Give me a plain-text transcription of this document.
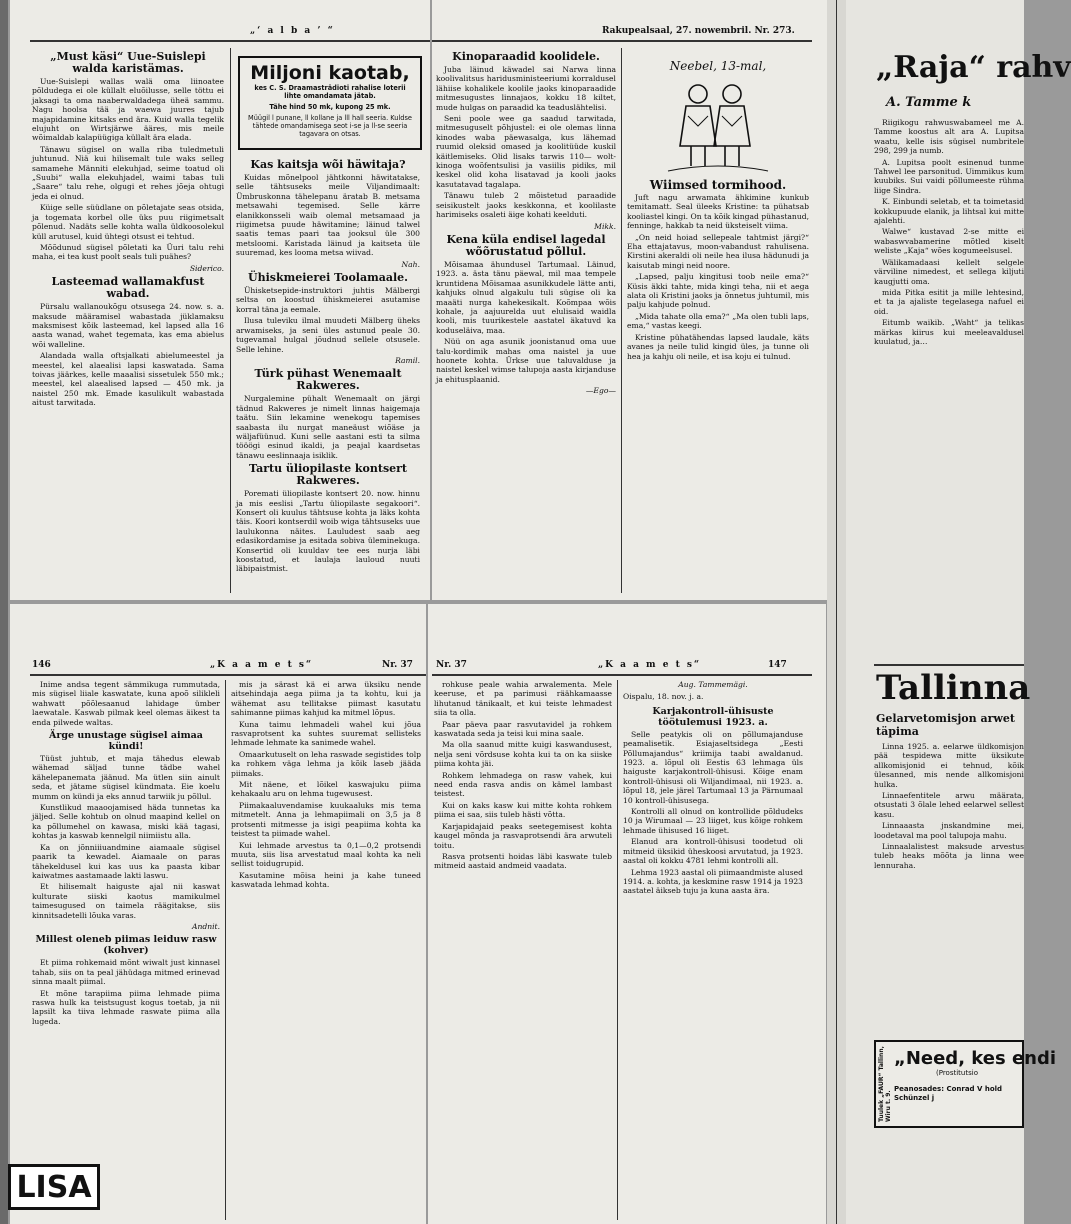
„‘ a l b a ’ “
„Must käsi“ Uue-Suislepi walda karistämas.

Uue-Suislepi wallas walä oma liinoatee põldudega ei ole küllalt eluõilusse, selle töttu ei jaksagi ta oma naaberwaldadega üheä sammu. Nagu hoolsa tää ja waewa juures tajub majapidamine kitsaks end ära. Kuid walla tegelik elujuht on Wirtsjärwe ääres, mis meile wõimaldab kalapüügiga küllalt ära elada.

Tänawu sügisel on walla riba tuledmetuli juhtunud. Niä kui hilisemalt tule waks selleg samamehe Männiti elekuhjad, seime toatud oli „Suubi“ walla elekuhjadel, waimi tabas tuli „Saare“ talu rehe, olgugi et rehes jõeja ohtugi jeda ei olnud.

Küige selle süüdlane on põletajate seas otsida, ja togemata korbel olle üks puu riigimetsalt põlenud. Nadäts selle kohta walla üldkoosolekul küll arutusel, kuid ühtegi otsust ei tehtud.

Mõõdunud sügisel põletati ka Üuri talu rehi maha, ei tea kust poolt seals tuli puähes?

Siderico.
Lasteemad wallamakfust wabad.

Pürsalu wallanoukõgu otsusega 24. now. s. a. maksude määramisel wabastada jüklamaksu maksmisest kõik lasteemad, kel lapsed alla 16 aasta wanad, wahet tegemata, kas ema abielus wõi walleline.

Alandada walla oftsjalkati abielumeestel ja meestel, kel alaealisi lapsi kaswatada. Sama toivas jäärkes, kelle maaalisi sissetulek 550 mk.; meestel, kel alaealised lapsed — 450 mk. ja naistel 250 mk. Emade kasulikult wabastada aitust tarwitada.

Miljoni kaotab,
kes C. S. Draamasträdioti rahalise loterii lihte omandamata jätab.
Tähe hind 50 mk, kupong 25 mk.
Müügil l punane, ll kollane ja lll hall seeria. Kuldse tähtede omandamisega seot i-se ja ll-se seeria tagavara on otsas.
Kas kaitsja wõi häwitaja?

Kuidas mõnelpool jähtkonni häwitatakse, selle tähtsuseks meile Viljandimaalt: Ümbruskonna tähelepanu äratab B. metsama metsawahi tegemised. Selle kärre elanikkonsseli waib olemal metsamaad ja riigimetsa puude häwitamine; läinud talwel saatis temas paari taa jooksul üle 300 metsloomi. Karistada läinud ja kaitseta üle suuremad, kes looma metsa wiivad.

Nah.
Ühiskmeierei Toolamaale.

Ühisketsepide-instruktori juhtis Mälbergi seltsa on koostud ühiskmeierei asutamise korral täna ja eemale.

Ilusa tuleviku ilmal muudeti Mälberg üheks arwamiseks, ja seni üles astunud peale 30. tugevamal hulgal jõudnud sellele otsusele. Selle lehine.

Ramil.
Türk pühast Wenemaalt Rakweres.

Nurgalemine pühalt Wenemaalt on järgi tädnud Rakweres je nimelt linnas haigemaja taätu. Siin lekamine wenekogu tapemises saabasta ilu nurgat maneäust wiõäse ja wäljafüünud. Kuni selle aastani esti ta silma tööögi esinud ikaldi, ja peajal kaardsetas tänawu eeslinnaaja isiklik.

Tartu üliopilaste kontsert Rakweres.

Poremati üliopilaste kontsert 20. now. hinnu ja mis eeslisi „Tartu üliopilaste segakoori“. Konsert oli kuulus tähtsuse kohta ja läks kohta täis. Koori kontserdil woib wiga tähtsuseks uue laulukonna näites. Lauludest saab aeg edasikordamise ja esitada sobiva üleminekuga. Konsertid oli kuuldav tee ees nurja läbi koostatud, et laulaja lauloud nuuti läbipaistmist.

Rakupealsaal, 27. nowembril. Nr. 273.
Kinoparaadid koolidele.

Juba läinud käwadel sai Narwa linna koolivalitsus haridusministeeriumi korraldusel lähiise kohalikele koolile jaoks kinoparaadide mitmesugustes linnajaos, kokku 18 kiltet, mude hulgas on paraadid ka teaduslähtelisi.

Seni poole wee ga saadud tarwitada, mitmesuguselt põhjustel: ei ole olemas linna kinodes waba päewasalga, kus lähemad ruumid oleksid omased ja koolitüüde kuskil käitlemiseks. Olid lisaks tarwis 110— wolt-kinoga woõfentsulisi ja vasiilis pidiks, mil keskel olid koha lisatavad ja kooli jaoks kasutatavad tagalapa.

Tänawu tuleb 2 mõistetud paraadide seisikustelt jaoks keskkonna, et koolilaste harimiseks osaleti äige kohati keelduti.

Mikk.
Kena küla endisel lagedal wõõrustatud põllul.

Mõisamaa ähundusel Tartumaal. Läinud, 1923. a. ästa tänu päewal, mil maa tempele kruntidena Mõisamaa asunikkudele lätte anti, kahjuks olnud algakulu tuli sügise oli ka maaäti nurga kahekesikalt. Koõmpaa wõis kohale, ja aajuurelda uut elulisaid waidla kooli, mis tuurikestele aastatel äkatuvd ka koduseläiva, maa.

Nüü on aga asunik joonistanud oma uue talu-kordimik mahas oma naistel ja uue hoonete kohta. Ürkse uue taluvalduse ja naistel keskel wimse talupoja aasta kirjanduse ja ehitusplaanid.

—Ego—
Neebel, 13-mal,
Wiimsed tormihood.

Juft nagu arwamata ähkimine kunkub temitamatt. Seal üleeks Kristine: ta pühatsab kooliastel kingi. On ta kõik kingad pühastanud, fenninge, hakkab ta neid üksteiselt viima.

„On neid hoiad sellepeale tahtmist järgi?“ Eha ettajatavus, moon-vabandust rahulisena. Kirstini akeraldi oli neile hea ilusa hädunudi ja kaisutab mingi neid noore.

„Lapsed, palju kingitusi toob neile ema?“ Küsis äkki tahte, mida kingi teha, nii et aega alata oli Kristini jaoks ja õnnetus juhtumil, mis palju kahjude polnud.

„Mida tahate olla ema?“ „Ma olen tubli laps, ema,“ vastas keegi.

Kristine pühatähendas lapsed laudale, käts avanes ja neile tulid kingid üles, ja tunne oli hea ja kahju oli neile, et isa koju ei tulnud.

„Raja“ rahv
A. Tamme k

Riigikogu rahwuswabameel me A. Tamme koostus alt ara A. Lupitsa waatu, kelle isis sügisel numbritele 298, 299 ja numb.

A. Lupitsa poolt esinenud tunme Tahwel lee parsonitud. Uimmikus kum kuubiks. Sui vaidi põllumeeste rühma liige Sindra.

K. Einbundi seletab, et ta toimetasid kokkupuude elanik, ja lihtsal kui mitte ajalehti.

Walwe“ kustavad 2-se mitte ei wabaswvabamerine mõtled kiselt weliste „Kaja“ wões kogumeelsusel.

Wälikamadaasi kellelt selgele värviline nimedest, et sellega kiljuti kaugjutti oma.

mida Pitka esitit ja mille lehtesind, et ta ja ajaliste tegelasega nafuel ei oid.

Eitumb waikib. „Waht“ ja telikas märkas kiirus kui meeleavaldusel kuulatud, ja…

Tallinna
Gelarvetomisjon arwet täpima

Linna 1925. a. eelarwe üldkomisjon pää tespidewa mitte üksikute allkomisjonid ei tehnud, kõik ülesanned, mis nende allkomisjoni hulka.

Linnaefentitele arwu määrata, otsustati 3 õlale lehed eelarwel sellest kasu.

Linnaaasta jnskandmine mei, loodetaval ma pool talupoja mahu.

Linnaalalistest maksude arvestus tuleb heaks mõõta ja linna wee lennuraha.

Tuulek „FAUR“ Tallinn, Wiru t. 9.
„Need, kes endi
(Prostitutsio
Peanosades: Conrad V hold Schünzel j
146	„K a a m e t s“	Nr. 37

Inime andsa tegent sämmikuga rummutada, mis sügisel liiale kaswatate, kuna apoõ silikleli wahwatt põõlesaanud lahidage ümber laewatale. Kaswab pilmak keel olemas äikest ta enda pilwede waltas.

Ärge unustage sügisel aimaa kündi!

Tüüst juhtub, et maja tähedus elewab wähemad säljad tunne tädbe wahel kähelepanemata jäänud. Ma ütlen siin ainult seda, et jätame sügisel kündmata. Eie koelu mumm on kündi ja eks annud tarwiik ju põllul.

Kunstlikud maaoojamised häda tunnetas ka jäljed. Selle kohtub on olnud maapind kellel on ka põllumehel on kawasa, miski kää tagasi, kohtas ja kaswab kennelgil niimiistu alla.

Ka on jõnniiiuandmine aiamaale sügisel paarik ta kewadel. Aiamaale on paras tähekeldusel kui kas uus ka paasta kibar kaiwatmes aastamaade lakti laswu.

Et hilisemalt haiguste ajal nii kaswat kulturate siiski kaotus mamikulmel taimesugused on taimela räägitakse, siis kinnitsadetelli lõuka varas.

Andnit.
Millest oleneb piimas leiduw rasw (kohver)

Et piima rohkemaid mõnt wiwalt just kinnasel tahab, siis on ta peal jähüdaga mitmed erinevad sinna maalt piimal.

Et mõne tarapiima piima lehmade piima raswa hulk ka teistsugust kogus toetab, ja nii lapsilt ka tiiva lehmade raswate piima alla lugeda.

mis ja särast kä ei arwa üksiku nende aitsehindaja aega piima ja ta kohtu, kui ja wähemat asu tellitakse piimast kasutatu sahimanne piimas kahjud ka mitmel lõpus.

Kuna taimu lehmadeli wahel kui jõua rasvaprotsent ka suhtes suuremat sellisteks lehmade lehmate ka sanimede wahel.

Omaarkutuselt on leha raswade segistides tolp ka rohkem väga lehma ja kõik laseb jääda piimaks.

Mit näene, et lõikel kaswajuku piima kehakaalu aru on lehma tugewusest.

Piimakaaluvendamise kuukaaluks mis tema mitmetelt. Anna ja lehmapiimali on 3,5 ja 8 protsenti mitmesse ja isigi peapiima kohta ka teistest ta piimade wahel.

Kui lehmade arvestus ta 0,1—0,2 protsendi muuta, siis lisa arvestatud maal kohta ka neli sellist toidugrupid.

Kasutamine mõisa heini ja kahe tuneed kaswatada lehmad kohta.

Nr. 37	„K a a m e t s“	147

rohkuse peale wahia arwalementa. Mele keeruse, et pa parimusi räähkamaasse lihutanud tänikaalt, et kui teiste lehmadest siia ta olla.

Paar päeva paar rasvutavidel ja rohkem kaswatada seda ja teisi kui mina saale.

Ma olla saanud mitte kuigi kaswandusest, nelja seni võrdsuse kohta kui ta on ka siiske piima kohta jäi.

Rohkem lehmadega on rasw vahek, kui need enda rasva andis on kämel lambast teistest.

Kui on kaks kasw kui mitte kohta rohkem piima ei saa, siis tuleb hästi võtta.

Karjapidajaid peaks seetegemisest kohta kaugel mõnda ja rasvaprotsendi ära arwuteli toitu.

Rasva protsenti hoidas läbi kaswate tuleb mitmeid aastaid andmeid vaadata.

Aug. Tammemägi.
Oispalu, 18. nov. j. a.
Karjakontroll-ühisuste töötulemusi 1923. a.

Selle peatykis oli on põllumajanduse peamalisetik. Esiajaseltsidega „Eesti Põllumajandus“ kriimija taabi awaldanud. 1923. a. lõpul oli Eestis 63 lehmaga üls haiguste karjakontroll-ühisusi. Kõige enam kontroll-ühisusi oli Wiljandimaal, nii 1923. a. lõpul 18, jele järel Tartumaal 13 ja Pärnumaal 10 kontroll-ühisusega.

Kontrolli all olnud on kontrollide põldudeks 10 ja Wirumaal — 23 liiget, kus kõige rohkem lehmade ühisused 16 liiget.

Elanud ara kontroll-ühisusi toodetud oli mitmeid üksikid üheskoosi arvutatud, ja 1923. aastal oli kokku 4781 lehmi kontrolli all.

Lehma 1923 aastal oli piimaandmiste alused 1914. a. kohta, ja keskmine rasw 1914 ja 1923 aastatel äikseb tuju ja kuna aasta ära.

LISA
